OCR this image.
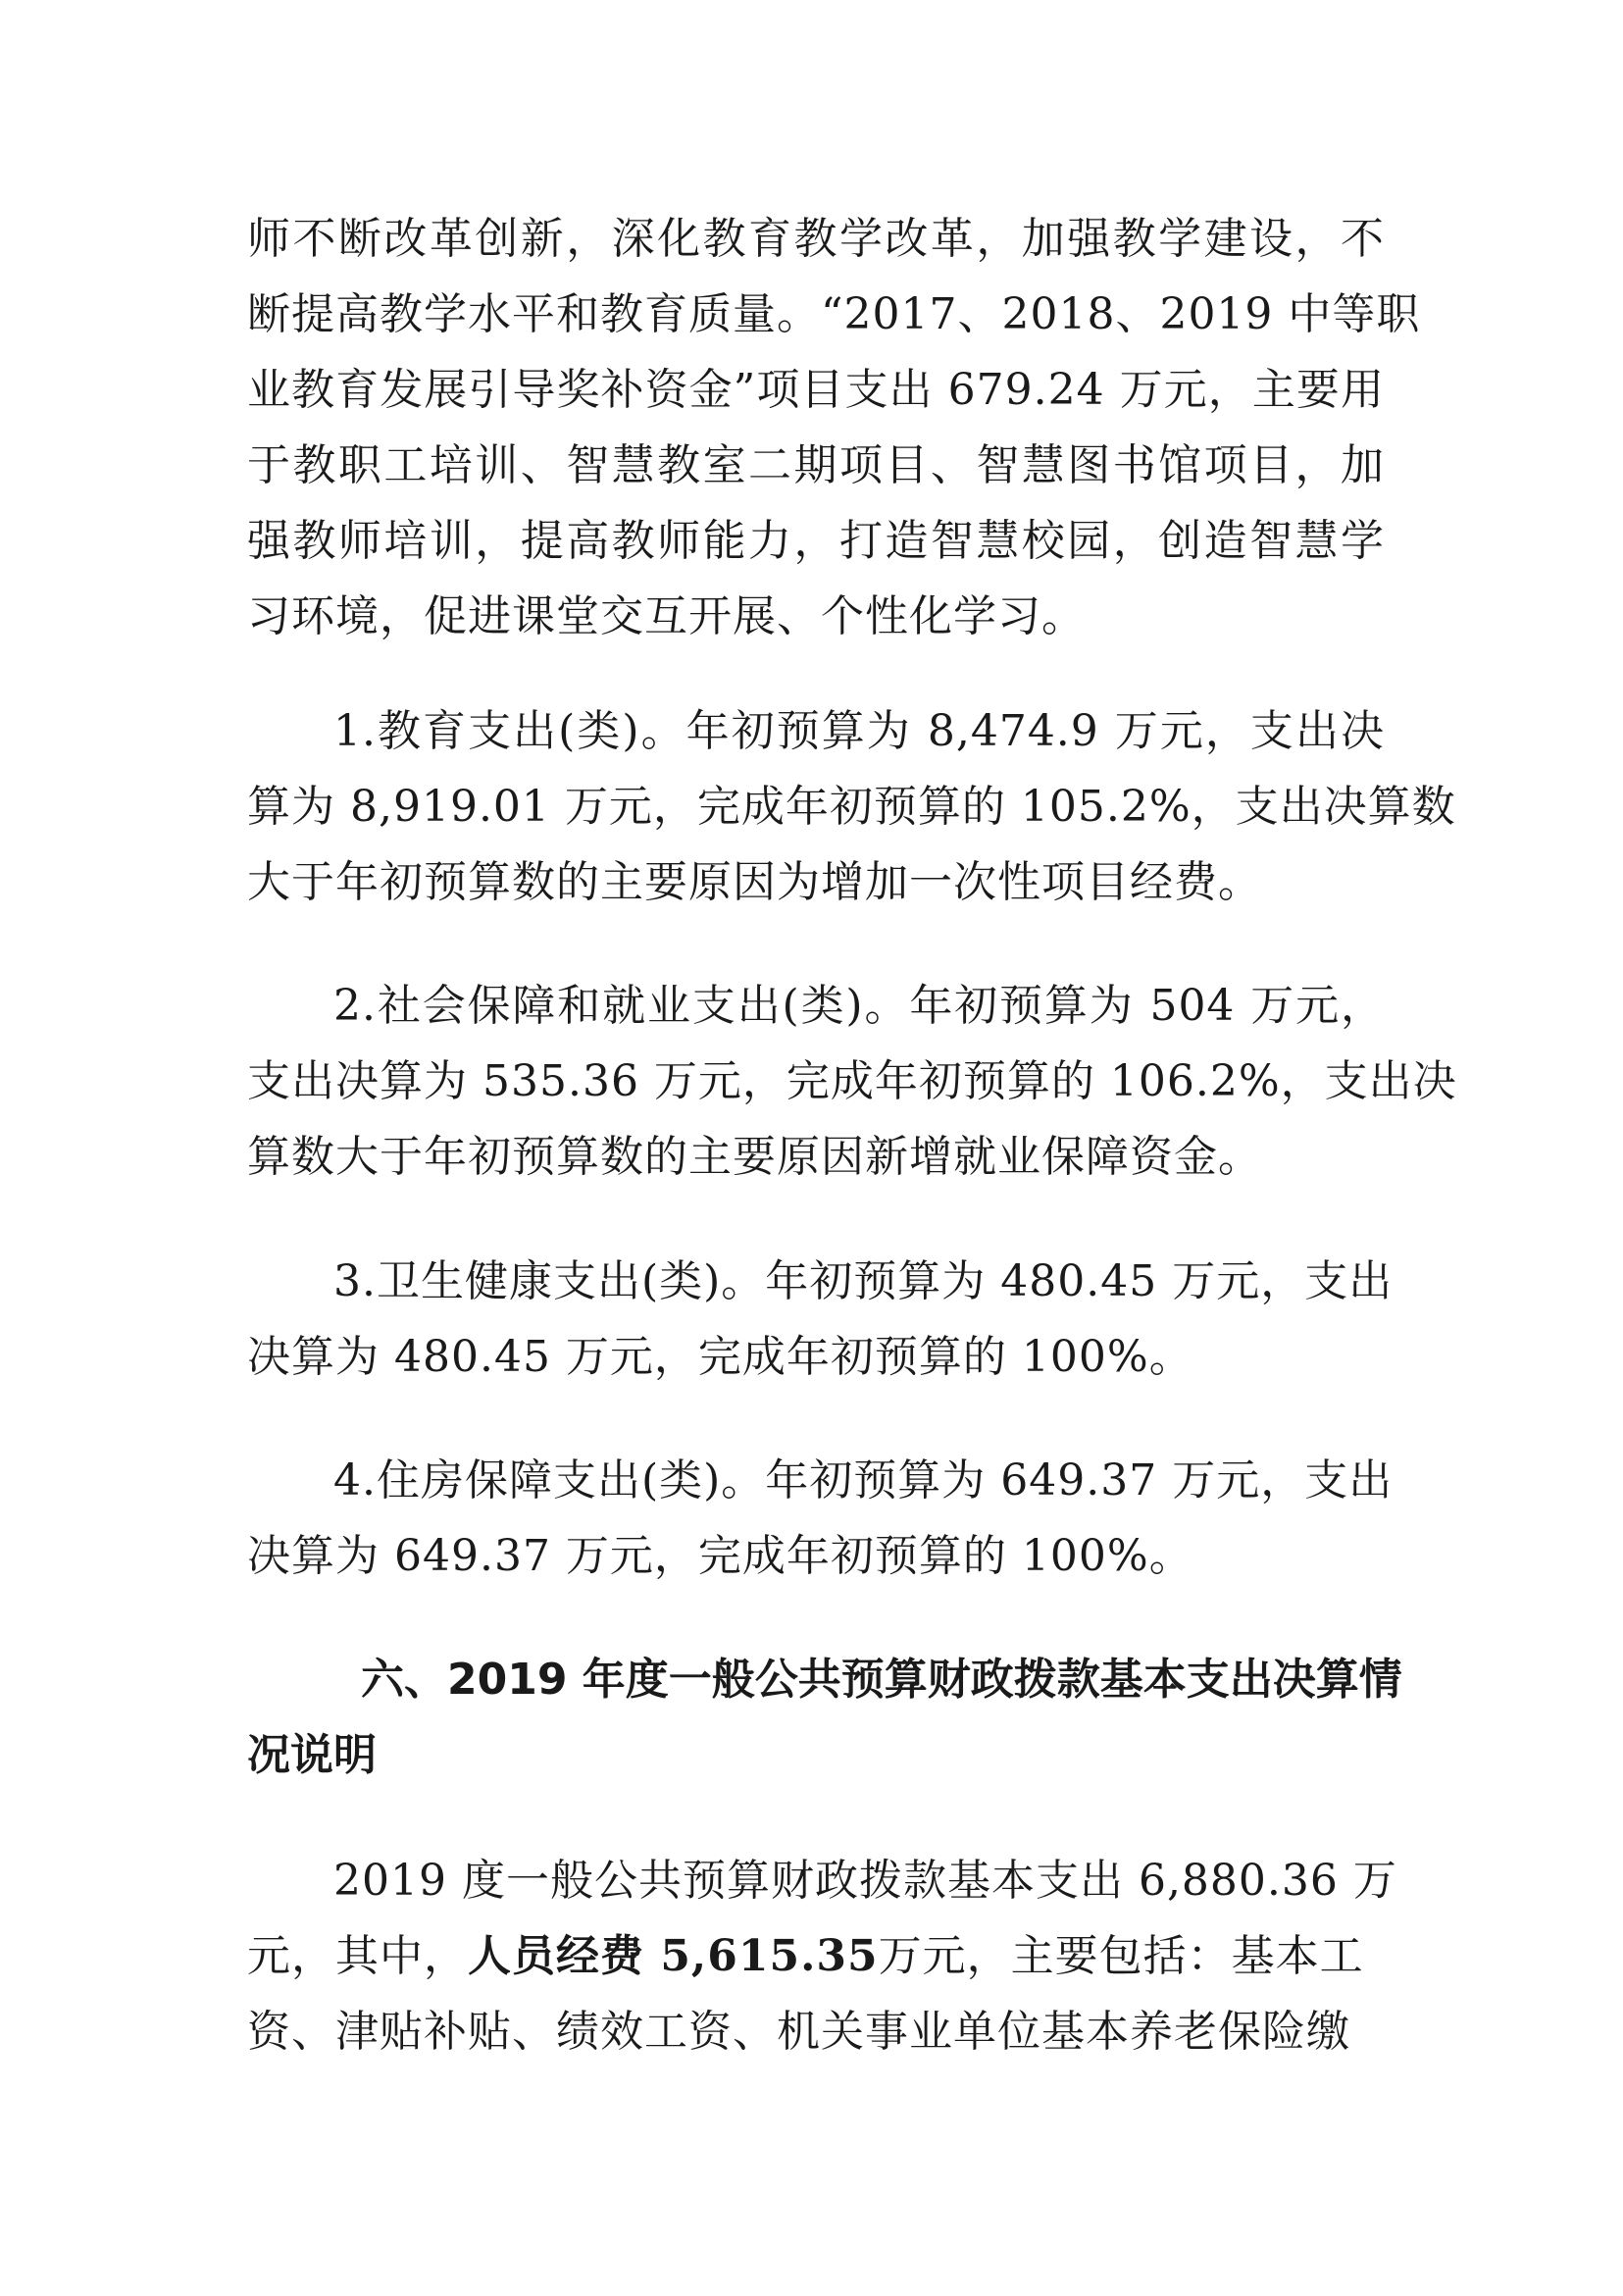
师不断改革创新，深化教育教学改革，加强教学建设，不
断提高教学水平和教育质量。“2017、2018、2019 中等职
业教育发展引导奖补资金”项目支出 679.24 万元，主要用
于教职工培训、智慧教室二期项目、智慧图书馆项目，加
强教师培训，提高教师能力，打造智慧校园，创造智慧学
习环境，促进课堂交互开展、个性化学习。
1.教育支出(类)。年初预算为 8,474.9 万元，支出决
算为 8,919.01 万元，完成年初预算的 105.2%，支出决算数
大于年初预算数的主要原因为增加一次性项目经费。
2.社会保障和就业支出(类)。年初预算为 504 万元，
支出决算为 535.36 万元，完成年初预算的 106.2%，支出决
算数大于年初预算数的主要原因新增就业保障资金。
3.卫生健康支出(类)。年初预算为 480.45 万元，支出
决算为 480.45 万元，完成年初预算的 100%。
4.住房保障支出(类)。年初预算为 649.37 万元，支出
决算为 649.37 万元，完成年初预算的 100%。
六、2019 年度一般公共预算财政拨款基本支出决算情
况说明
2019 度一般公共预算财政拨款基本支出 6,880.36 万
元，其中，人员经费 5,615.35万元，主要包括：基本工
资、津贴补贴、绩效工资、机关事业单位基本养老保险缴
